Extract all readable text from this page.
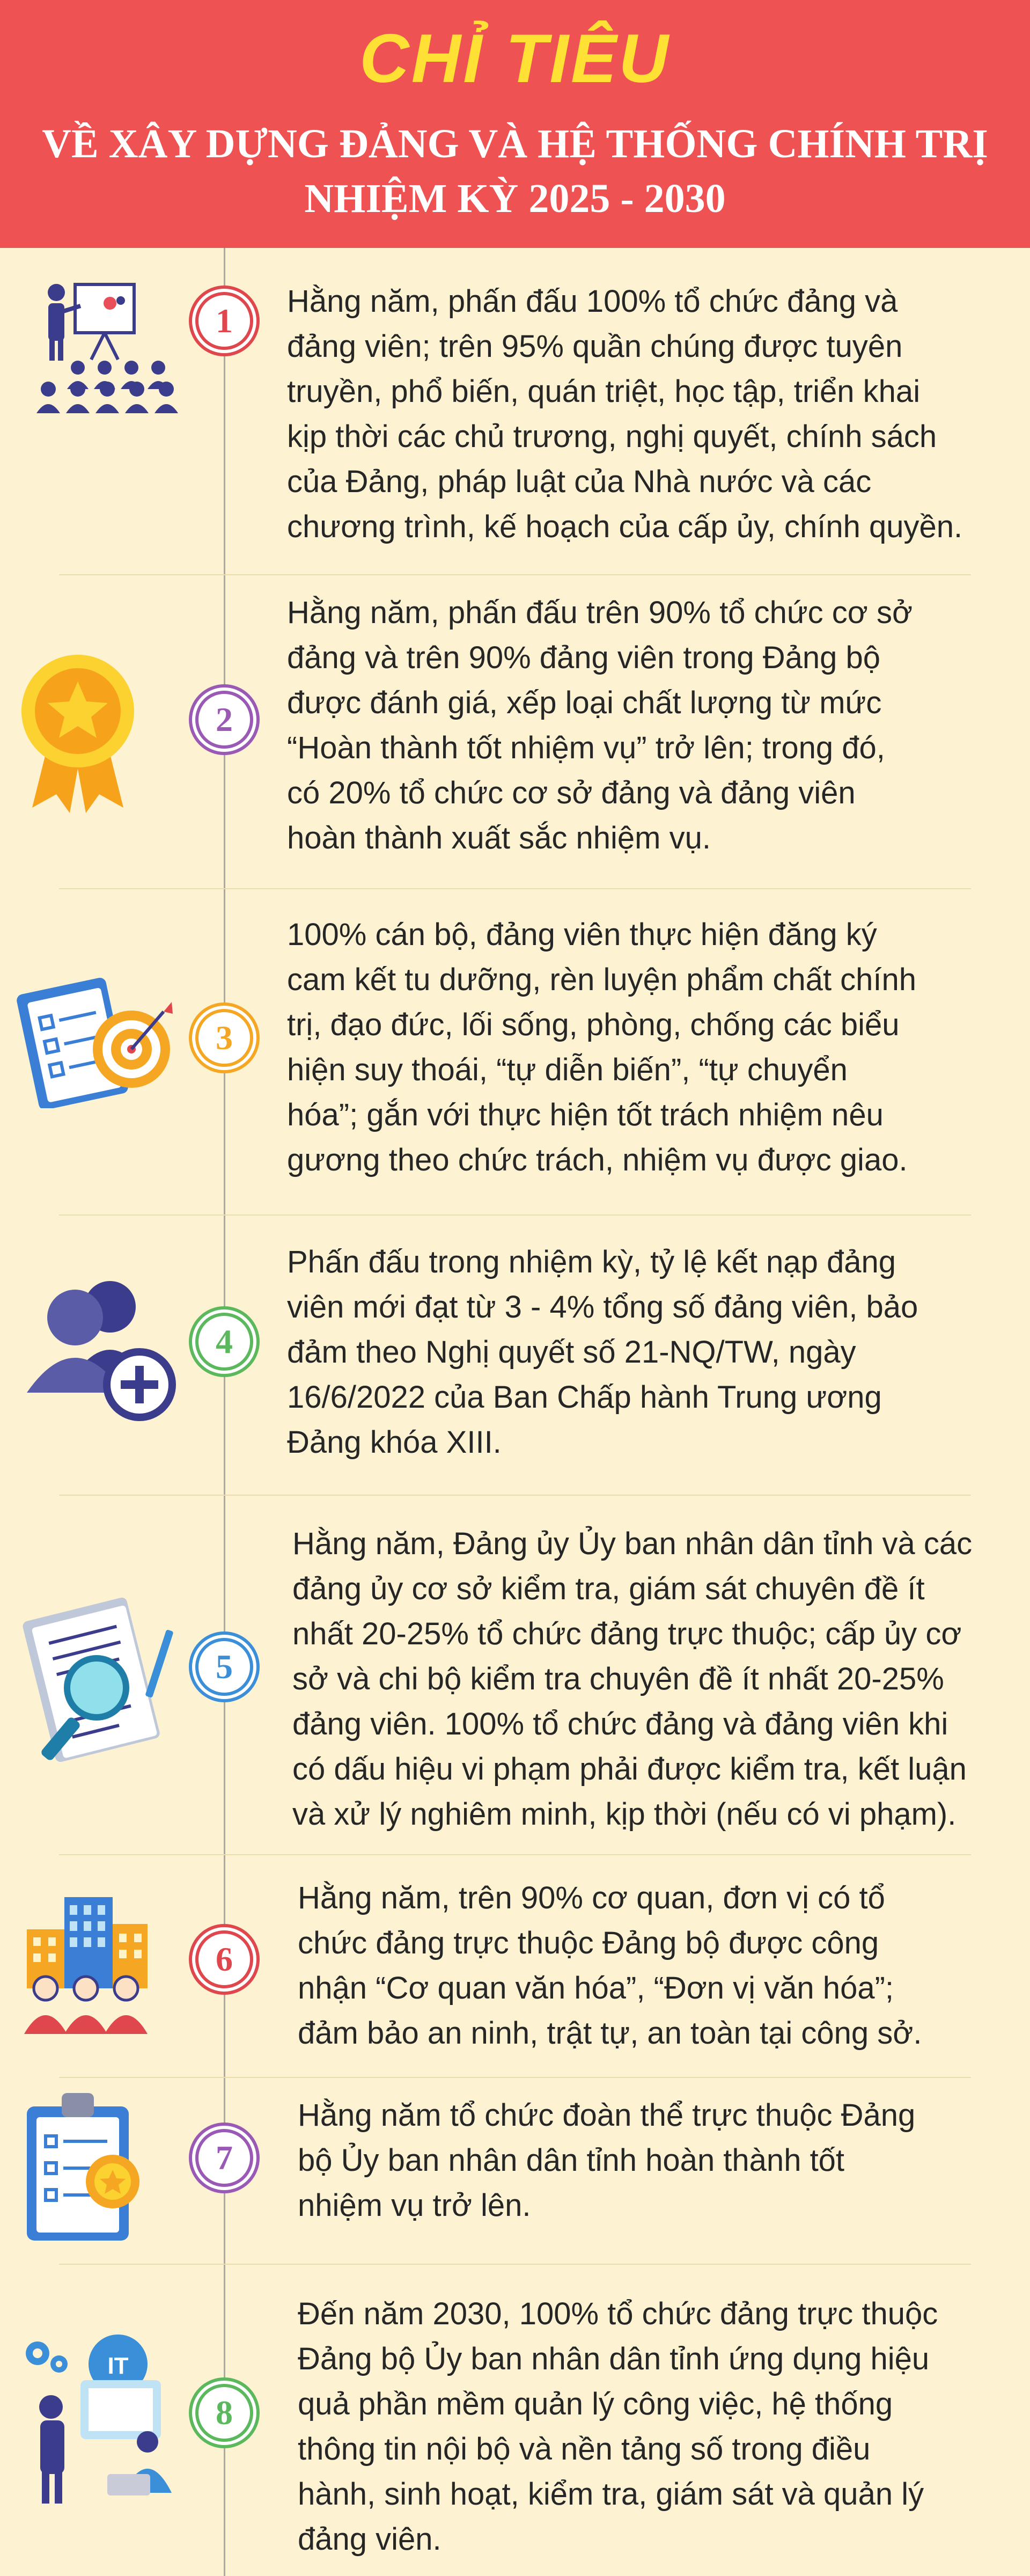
CHỈ TIÊU
VỀ XÂY DỰNG ĐẢNG VÀ HỆ THỐNG CHÍNH TRỊ
NHIỆM KỲ 2025 - 2030
1
Hằng năm, phấn đấu 100% tổ chức đảng và
đảng viên; trên 95% quần chúng được tuyên
truyền, phổ biến, quán triệt, học tập, triển khai
kịp thời các chủ trương, nghị quyết, chính sách
của Đảng, pháp luật của Nhà nước và các
chương trình, kế hoạch của cấp ủy, chính quyền.
2
Hằng năm, phấn đấu trên 90% tổ chức cơ sở
đảng và trên 90% đảng viên trong Đảng bộ
được đánh giá, xếp loại chất lượng từ mức
“Hoàn thành tốt nhiệm vụ” trở lên; trong đó,
có 20% tổ chức cơ sở đảng và đảng viên
hoàn thành xuất sắc nhiệm vụ.
3
100% cán bộ, đảng viên thực hiện đăng ký
cam kết tu dưỡng, rèn luyện phẩm chất chính
trị, đạo đức, lối sống, phòng, chống các biểu
hiện suy thoái, “tự diễn biến”, “tự chuyển
hóa”; gắn với thực hiện tốt trách nhiệm nêu
gương theo chức trách, nhiệm vụ được giao.
4
Phấn đấu trong nhiệm kỳ, tỷ lệ kết nạp đảng
viên mới đạt từ 3 - 4% tổng số đảng viên, bảo
đảm theo Nghị quyết số 21-NQ/TW, ngày
16/6/2022 của Ban Chấp hành Trung ương
Đảng khóa XIII.
5
Hằng năm, Đảng ủy Ủy ban nhân dân tỉnh và các
đảng ủy cơ sở kiểm tra, giám sát chuyên đề ít
nhất 20-25% tổ chức đảng trực thuộc; cấp ủy cơ
sở và chi bộ kiểm tra chuyên đề ít nhất 20-25%
đảng viên. 100% tổ chức đảng và đảng viên khi
có dấu hiệu vi phạm phải được kiểm tra, kết luận
và xử lý nghiêm minh, kịp thời (nếu có vi phạm).
6
Hằng năm, trên 90% cơ quan, đơn vị có tổ
chức đảng trực thuộc Đảng bộ được công
nhận “Cơ quan văn hóa”, “Đơn vị văn hóa”;
đảm bảo an ninh, trật tự, an toàn tại công sở.
7
Hằng năm tổ chức đoàn thể trực thuộc Đảng
bộ Ủy ban nhân dân tỉnh hoàn thành tốt
nhiệm vụ trở lên.
IT
8
Đến năm 2030, 100% tổ chức đảng trực thuộc
Đảng bộ Ủy ban nhân dân tỉnh ứng dụng hiệu
quả phần mềm quản lý công việc, hệ thống
thông tin nội bộ và nền tảng số trong điều
hành, sinh hoạt, kiểm tra, giám sát và quản lý
đảng viên.
